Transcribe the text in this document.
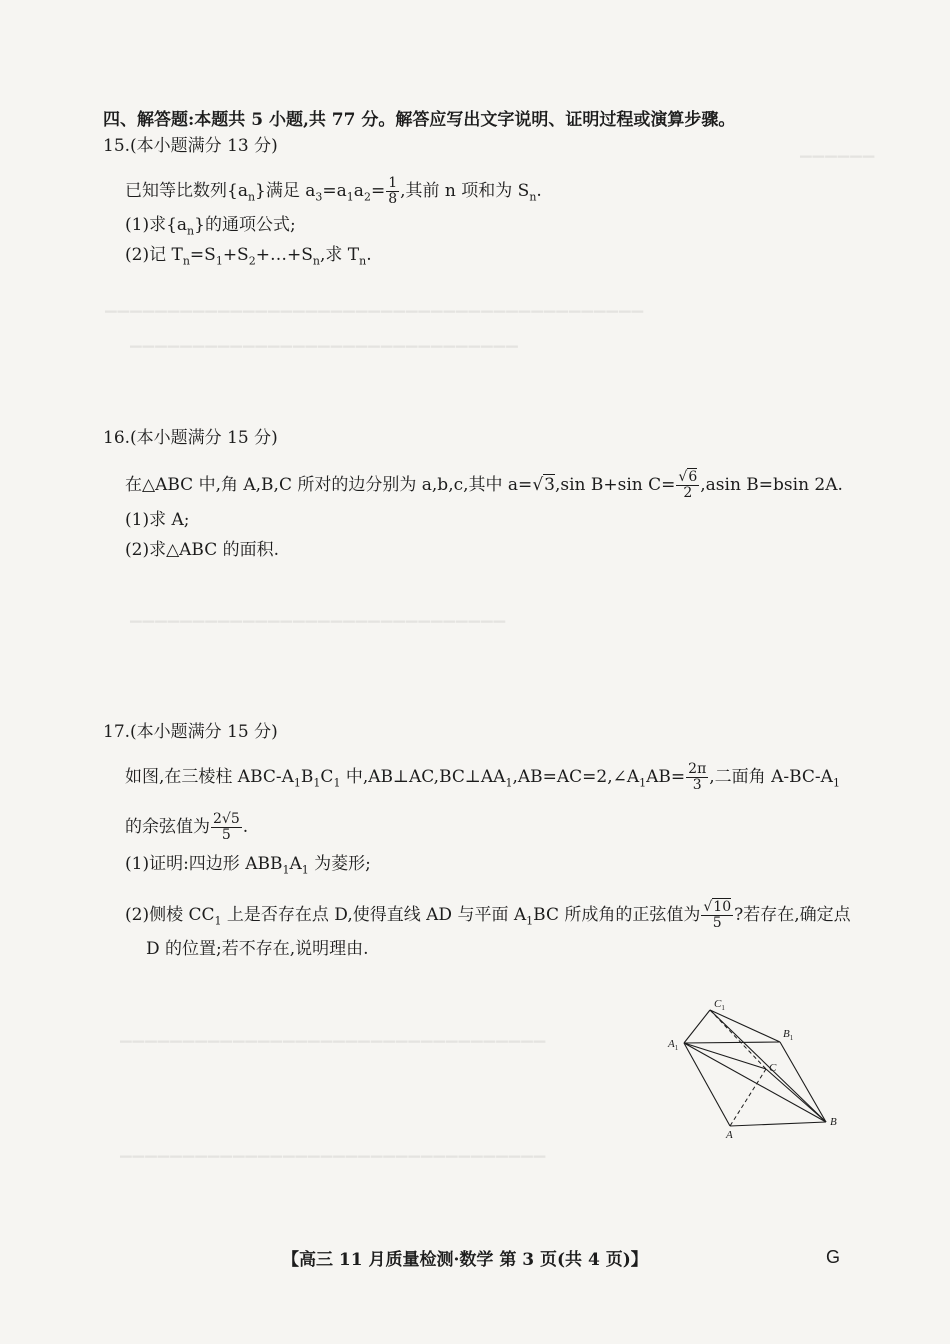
▁▁▁▁▁▁
▁▁▁▁▁▁▁▁▁▁▁▁▁▁▁▁▁▁▁▁▁▁▁▁▁▁▁▁▁▁▁▁▁▁▁▁▁▁▁▁▁▁▁
▁▁▁▁▁▁▁▁▁▁▁▁▁▁▁▁▁▁▁▁▁▁▁▁▁▁▁▁▁▁▁
▁▁▁▁▁▁▁▁▁▁▁▁▁▁▁▁▁▁▁▁▁▁▁▁▁▁▁▁▁▁
▁▁▁▁▁▁▁▁▁▁▁▁▁▁▁▁▁▁▁▁▁▁▁▁▁▁▁▁▁▁▁▁▁▁
▁▁▁▁▁▁▁▁▁▁▁▁▁▁▁▁▁▁▁▁▁▁▁▁▁▁▁▁▁▁▁▁▁▁
四、解答题:本题共 5 小题,共 77 分。解答应写出文字说明、证明过程或演算步骤。
15.(本小题满分 13 分)
已知等比数列$\{a_n\}$满足 $a_3=a_1a_2= \frac{1}{8}$ ,其前 n 项和为 $S_n$.
(1)求$\{a_n\}$的通项公式;
(2)记 $T_n=S_1+S_2+\dots+S_n$,求 $T_n$.
16.(本小题满分 15 分)
在△ABC 中,角 A,B,C 所对的边分别为 a,b,c,其中 a=√3,sin B+sin $C= \frac{√6}{2} ,asin$ B=bsin 2A.
(1)求 A;
(2)求△ABC 的面积.
17.(本小题满分 15 分)
如图,在三棱柱 ABC-$A_1B_1C_1$ 中$,AB\perp AC,BC\perp AA_1,AB=AC=2,\angle A_1AB= \frac{2\pi}{3}$ ,二面角 $A-BC-A_1$
的余弦值为 $\frac{2√5}{5}$ .
(1)证明:四边形 $ABB_1A_1$ 为菱形;
(2)侧棱 $CC_1$ 上是否存在点 D,使得直线 AD 与平面 $A_1BC$ 所成角的正弦值为 $\frac{√10}{5}$ ?若存在,确定点
D 的位置;若不存在,说明理由.
$C_1$
$B_1$
$A_1$
C
A
B
【高三 11 月质量检测·数学 第 3 页(共 4 页)】	G
